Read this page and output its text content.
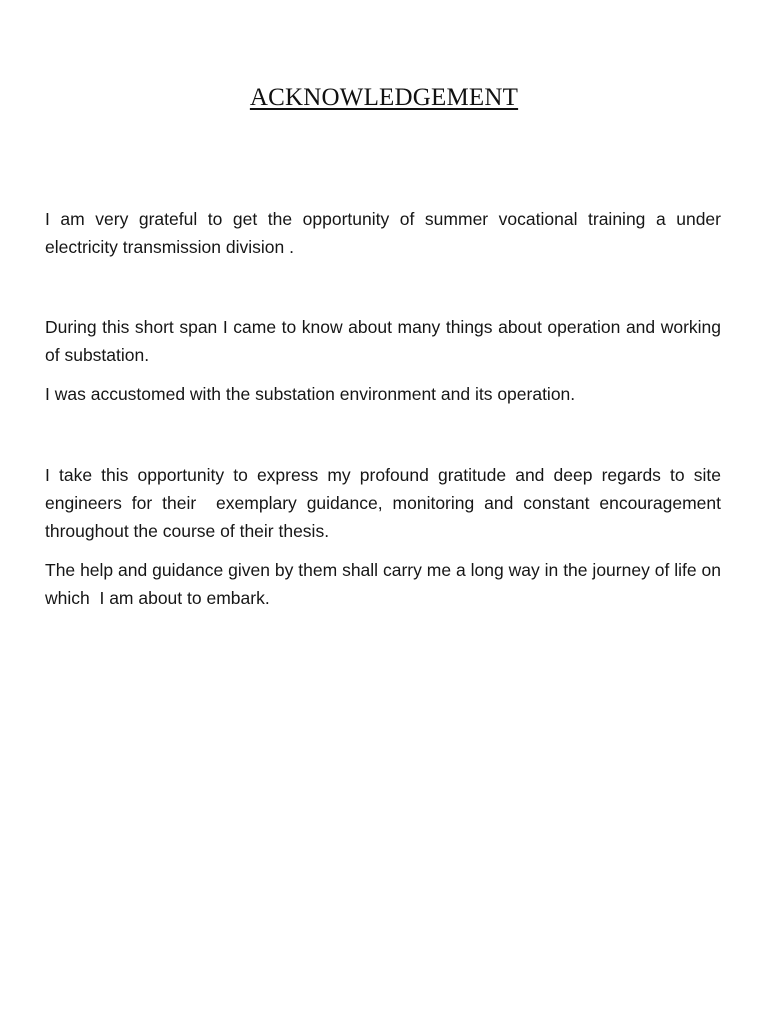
ACKNOWLEDGEMENT

I am very grateful to get the opportunity of summer vocational training a under electricity transmission division .

During this short span I came to know about many things about operation and working of substation.

I was accustomed with the substation environment and its operation.

I take this opportunity to express my profound gratitude and deep regards to site engineers for their  exemplary guidance, monitoring and constant encouragement throughout the course of their thesis.

The help and guidance given by them shall carry me a long way in the journey of life on which  I am about to embark.
